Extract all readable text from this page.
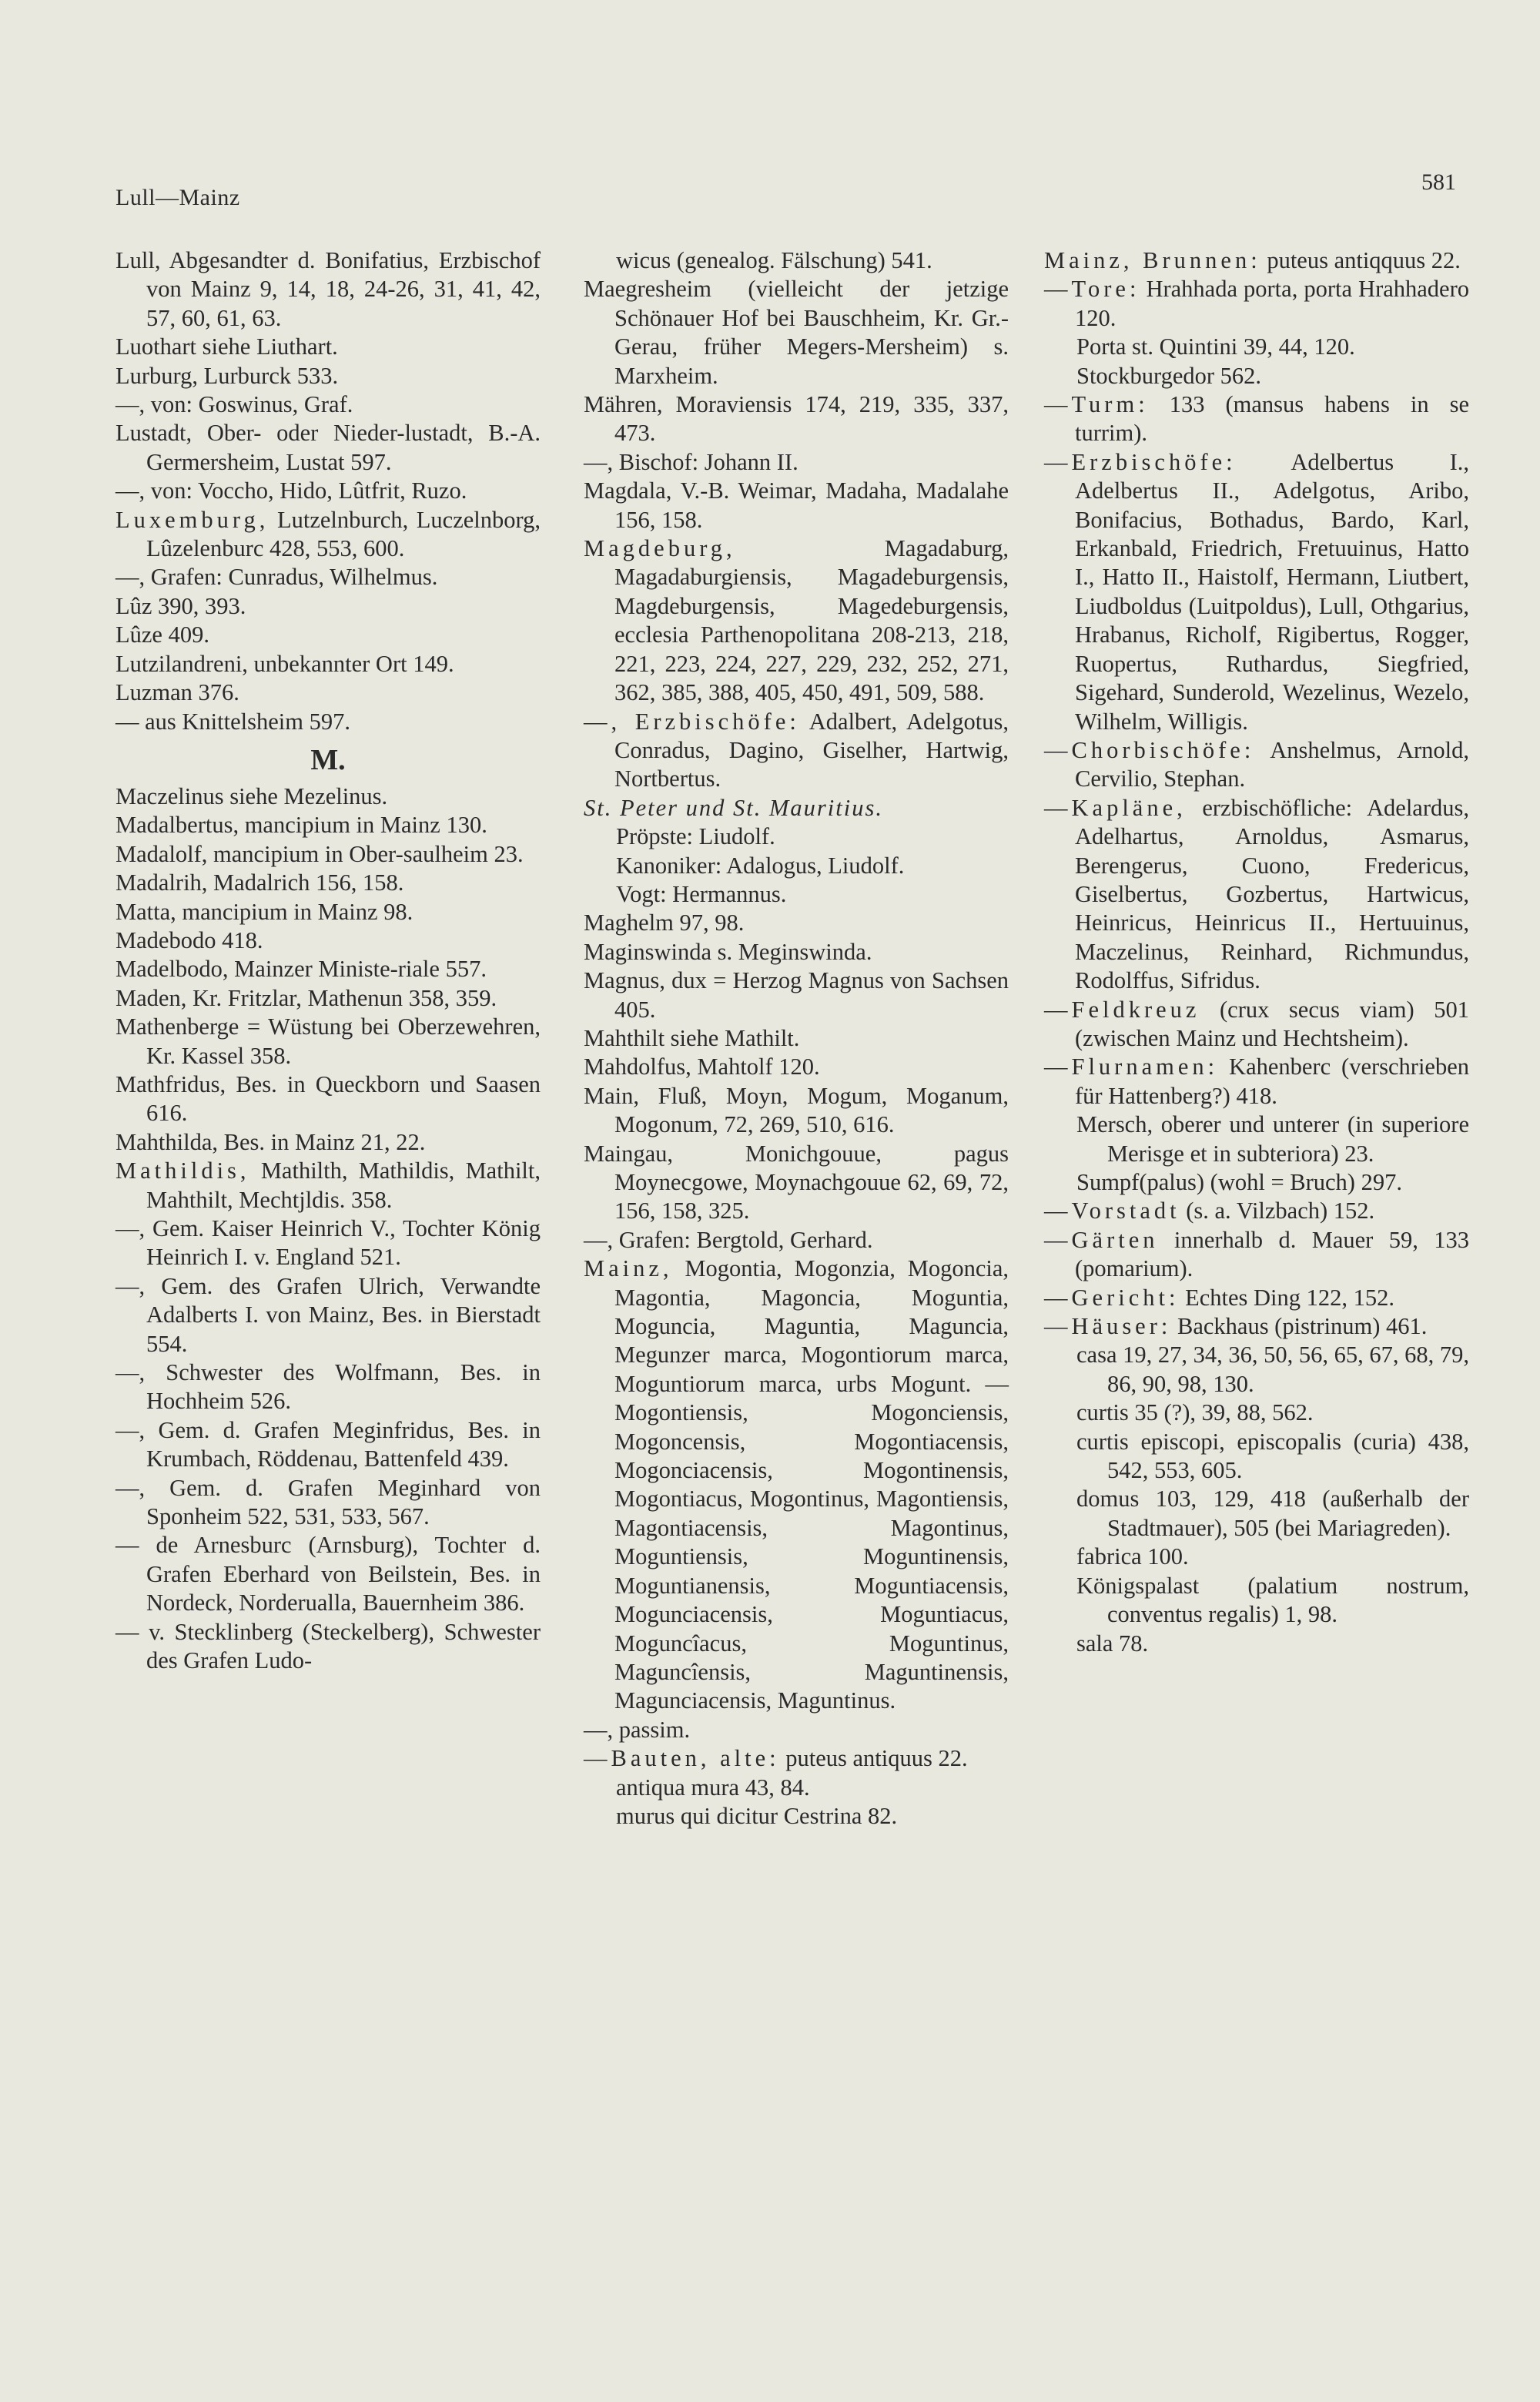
Lull—Mainz
581
Lull, Abgesandter d. Bonifatius, Erzbischof von Mainz 9, 14, 18, 24-26, 31, 41, 42, 57, 60, 61, 63.
Luothart siehe Liuthart.
Lurburg, Lurburck 533.
—, von: Goswinus, Graf.
Lustadt, Ober- oder Nieder-lustadt, B.-A. Germersheim, Lustat 597.
—, von: Voccho, Hido, Lûtfrit, Ruzo.
Luxemburg, Lutzelnburch, Luczelnborg, Lûzelenburc 428, 553, 600.
—, Grafen: Cunradus, Wilhelmus.
Lûz 390, 393.
Lûze 409.
Lutzilandreni, unbekannter Ort 149.
Luzman 376.
— aus Knittelsheim 597.
M.
Maczelinus siehe Mezelinus.
Madalbertus, mancipium in Mainz 130.
Madalolf, mancipium in Ober-saulheim 23.
Madalrih, Madalrich 156, 158.
Matta, mancipium in Mainz 98.
Madebodo 418.
Madelbodo, Mainzer Ministe-riale 557.
Maden, Kr. Fritzlar, Mathenun 358, 359.
Mathenberge = Wüstung bei Oberzewehren, Kr. Kassel 358.
Mathfridus, Bes. in Queckborn und Saasen 616.
Mahthilda, Bes. in Mainz 21, 22.
Mathildis, Mathilth, Mathildis, Mathilt, Mahthilt, Mechtjldis. 358.
—, Gem. Kaiser Heinrich V., Tochter König Heinrich I. v. England 521.
—, Gem. des Grafen Ulrich, Verwandte Adalberts I. von Mainz, Bes. in Bierstadt 554.
—, Schwester des Wolfmann, Bes. in Hochheim 526.
—, Gem. d. Grafen Meginfridus, Bes. in Krumbach, Röddenau, Battenfeld 439.
—, Gem. d. Grafen Meginhard von Sponheim 522, 531, 533, 567.
— de Arnesburc (Arnsburg), Tochter d. Grafen Eberhard von Beilstein, Bes. in Nordeck, Norderualla, Bauernheim 386.
— v. Stecklinberg (Steckelberg), Schwester des Grafen Ludo-
wicus (genealog. Fälschung) 541.
Maegresheim (vielleicht der jetzige Schönauer Hof bei Bauschheim, Kr. Gr.-Gerau, früher Megers-Mersheim) s. Marxheim.
Mähren, Moraviensis 174, 219, 335, 337, 473.
—, Bischof: Johann II.
Magdala, V.-B. Weimar, Madaha, Madalahe 156, 158.
Magdeburg, Magadaburg, Magadaburgiensis, Magadeburgensis, Magdeburgensis, Magedeburgensis, ecclesia Parthenopolitana 208-213, 218, 221, 223, 224, 227, 229, 232, 252, 271, 362, 385, 388, 405, 450, 491, 509, 588.
—, Erzbischöfe: Adalbert, Adelgotus, Conradus, Dagino, Giselher, Hartwig, Nortbertus.
St. Peter und St. Mauritius.
Pröpste: Liudolf.
Kanoniker: Adalogus, Liudolf.
Vogt: Hermannus.
Maghelm 97, 98.
Maginswinda s. Meginswinda.
Magnus, dux = Herzog Magnus von Sachsen 405.
Mahthilt siehe Mathilt.
Mahdolfus, Mahtolf 120.
Main, Fluß, Moyn, Mogum, Moganum, Mogonum, 72, 269, 510, 616.
Maingau, Monichgouue, pagus Moynecgowe, Moynachgouue 62, 69, 72, 156, 158, 325.
—, Grafen: Bergtold, Gerhard.
Mainz, Mogontia, Mogonzia, Mogoncia, Magontia, Magoncia, Moguntia, Moguncia, Maguntia, Maguncia, Megunzer marca, Mogontiorum marca, Moguntiorum marca, urbs Mogunt. — Mogontiensis, Mogonciensis, Mogoncensis, Mogontiacensis, Mogonciacensis, Mogontinensis, Mogontiacus, Mogontinus, Magontiensis, Magontiacensis, Magontinus, Moguntiensis, Moguntinensis, Moguntianensis, Moguntiacensis, Mogunciacensis, Moguntiacus, Moguncîacus, Moguntinus, Maguncîensis, Maguntinensis, Magunciacensis, Maguntinus.
—, passim.
—Bauten, alte: puteus antiquus 22.
antiqua mura 43, 84.
murus qui dicitur Cestrina 82.
Mainz, Brunnen: puteus antiqquus 22.
—Tore: Hrahhada porta, porta Hrahhadero 120.
Porta st. Quintini 39, 44, 120.
Stockburgedor 562.
—Turm: 133 (mansus habens in se turrim).
—Erzbischöfe: Adelbertus I., Adelbertus II., Adelgotus, Aribo, Bonifacius, Bothadus, Bardo, Karl, Erkanbald, Friedrich, Fretuuinus, Hatto I., Hatto II., Haistolf, Hermann, Liutbert, Liudboldus (Luitpoldus), Lull, Othgarius, Hrabanus, Richolf, Rigibertus, Rogger, Ruopertus, Ruthardus, Siegfried, Sigehard, Sunderold, Wezelinus, Wezelo, Wilhelm, Willigis.
—Chorbischöfe: Anshelmus, Arnold, Cervilio, Stephan.
—Kapläne, erzbischöfliche: Adelardus, Adelhartus, Arnoldus, Asmarus, Berengerus, Cuono, Fredericus, Giselbertus, Gozbertus, Hartwicus, Heinricus, Heinricus II., Hertuuinus, Maczelinus, Reinhard, Richmundus, Rodolffus, Sifridus.
—Feldkreuz (crux secus viam) 501 (zwischen Mainz und Hechtsheim).
—Flurnamen: Kahenberc (verschrieben für Hattenberg?) 418.
Mersch, oberer und unterer (in superiore Merisge et in subteriora) 23.
Sumpf(palus) (wohl = Bruch) 297.
—Vorstadt (s. a. Vilzbach) 152.
—Gärten innerhalb d. Mauer 59, 133 (pomarium).
—Gericht: Echtes Ding 122, 152.
—Häuser: Backhaus (pistrinum) 461.
casa 19, 27, 34, 36, 50, 56, 65, 67, 68, 79, 86, 90, 98, 130.
curtis 35 (?), 39, 88, 562.
curtis episcopi, episcopalis (curia) 438, 542, 553, 605.
domus 103, 129, 418 (außerhalb der Stadtmauer), 505 (bei Mariagreden).
fabrica 100.
Königspalast (palatium nostrum, conventus regalis) 1, 98.
sala 78.
